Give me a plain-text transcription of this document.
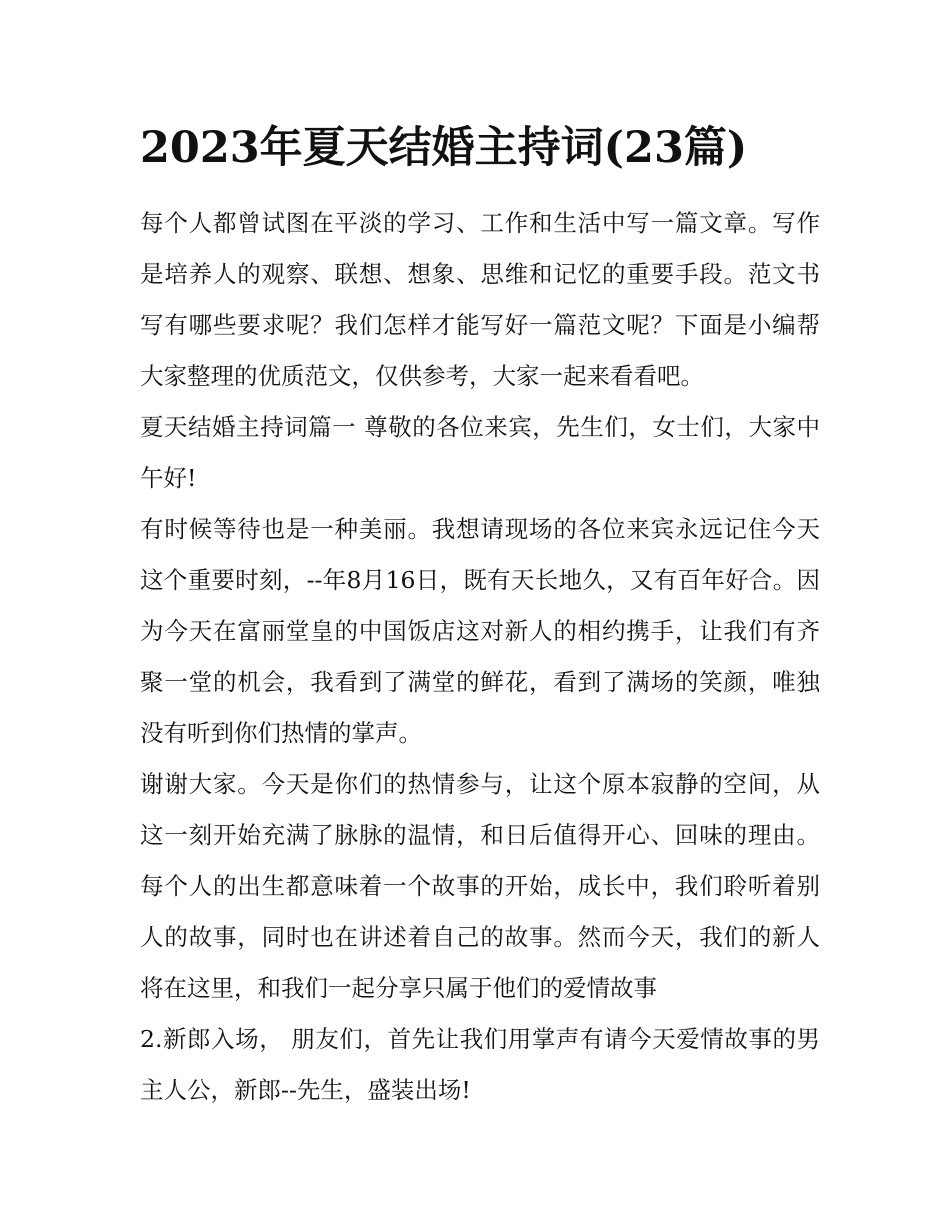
2023年夏天结婚主持词(23篇)

每个人都曾试图在平淡的学习、工作和生活中写一篇文章。写作是培养人的观察、联想、想象、思维和记忆的重要手段。范文书写有哪些要求呢？我们怎样才能写好一篇范文呢？下面是小编帮大家整理的优质范文，仅供参考，大家一起来看看吧。

夏天结婚主持词篇一 尊敬的各位来宾，先生们，女士们，大家中午好!

有时候等待也是一种美丽。我想请现场的各位来宾永远记住今天这个重要时刻，--年8月16日，既有天长地久，又有百年好合。因为今天在富丽堂皇的中国饭店这对新人的相约携手，让我们有齐聚一堂的机会，我看到了满堂的鲜花，看到了满场的笑颜，唯独没有听到你们热情的掌声。

谢谢大家。今天是你们的热情参与，让这个原本寂静的空间，从这一刻开始充满了脉脉的温情，和日后值得开心、回味的理由。每个人的出生都意味着一个故事的开始，成长中，我们聆听着别人的故事，同时也在讲述着自己的故事。然而今天，我们的新人将在这里，和我们一起分享只属于他们的爱情故事

2.新郎入场， 朋友们，首先让我们用掌声有请今天爱情故事的男主人公，新郎--先生，盛装出场!
